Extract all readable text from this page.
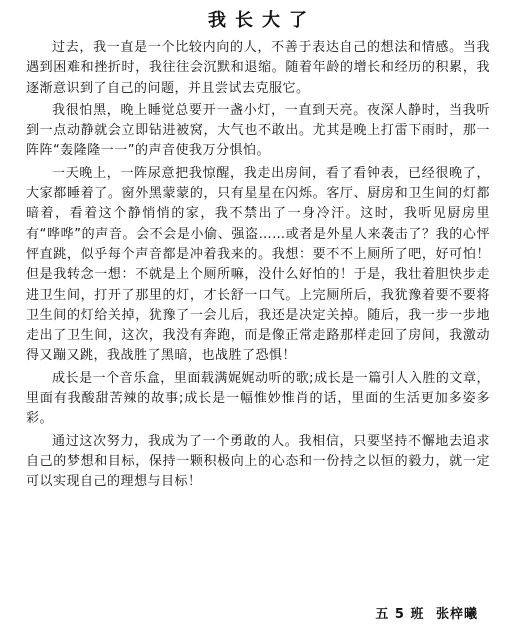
我长大了

过去，我一直是一个比较内向的人，不善于表达自己的想法和情感。当我遇到困难和挫折时，我往往会沉默和退缩。随着年龄的增长和经历的积累，我逐渐意识到了自己的问题，并且尝试去克服它。

我很怕黑，晚上睡觉总要开一盏小灯，一直到天亮。夜深人静时，当我听到一点动静就会立即钻进被窝，大气也不敢出。尤其是晚上打雷下雨时，那一阵阵“轰隆隆一一”的声音使我万分惧怕。

一天晚上，一阵尿意把我惊醒，我走出房间，看了看钟表，已经很晚了，大家都睡着了。窗外黑蒙蒙的，只有星星在闪烁。客厅、厨房和卫生间的灯都暗着，看着这个静悄悄的家，我不禁出了一身冷汗。这时，我听见厨房里有“哗哗”的声音。会不会是小偷、强盗……或者是外星人来袭击了？我的心怦怦直跳，似乎每个声音都是冲着我来的。我想：要不不上厕所了吧，好可怕！但是我转念一想：不就是上个厕所嘛，没什么好怕的！于是，我壮着胆快步走进卫生间，打开了那里的灯，才长舒一口气。上完厕所后，我犹豫着要不要将卫生间的灯给关掉，犹豫了一会儿后，我还是决定关掉。随后，我一步一步地走出了卫生间，这次，我没有奔跑，而是像正常走路那样走回了房间，我激动得又蹦又跳，我战胜了黑暗，也战胜了恐惧！

成长是一个音乐盒，里面载满娓娓动听的歌;成长是一篇引人入胜的文章，里面有我酸甜苦辣的故事;成长是一幅惟妙惟肖的话，里面的生活更加多姿多彩。

通过这次努力，我成为了一个勇敢的人。我相信，只要坚持不懈地去追求自己的梦想和目标，保持一颗积极向上的心态和一份持之以恒的毅力，就一定可以实现自己的理想与目标！

五 5 班 张梓曦
